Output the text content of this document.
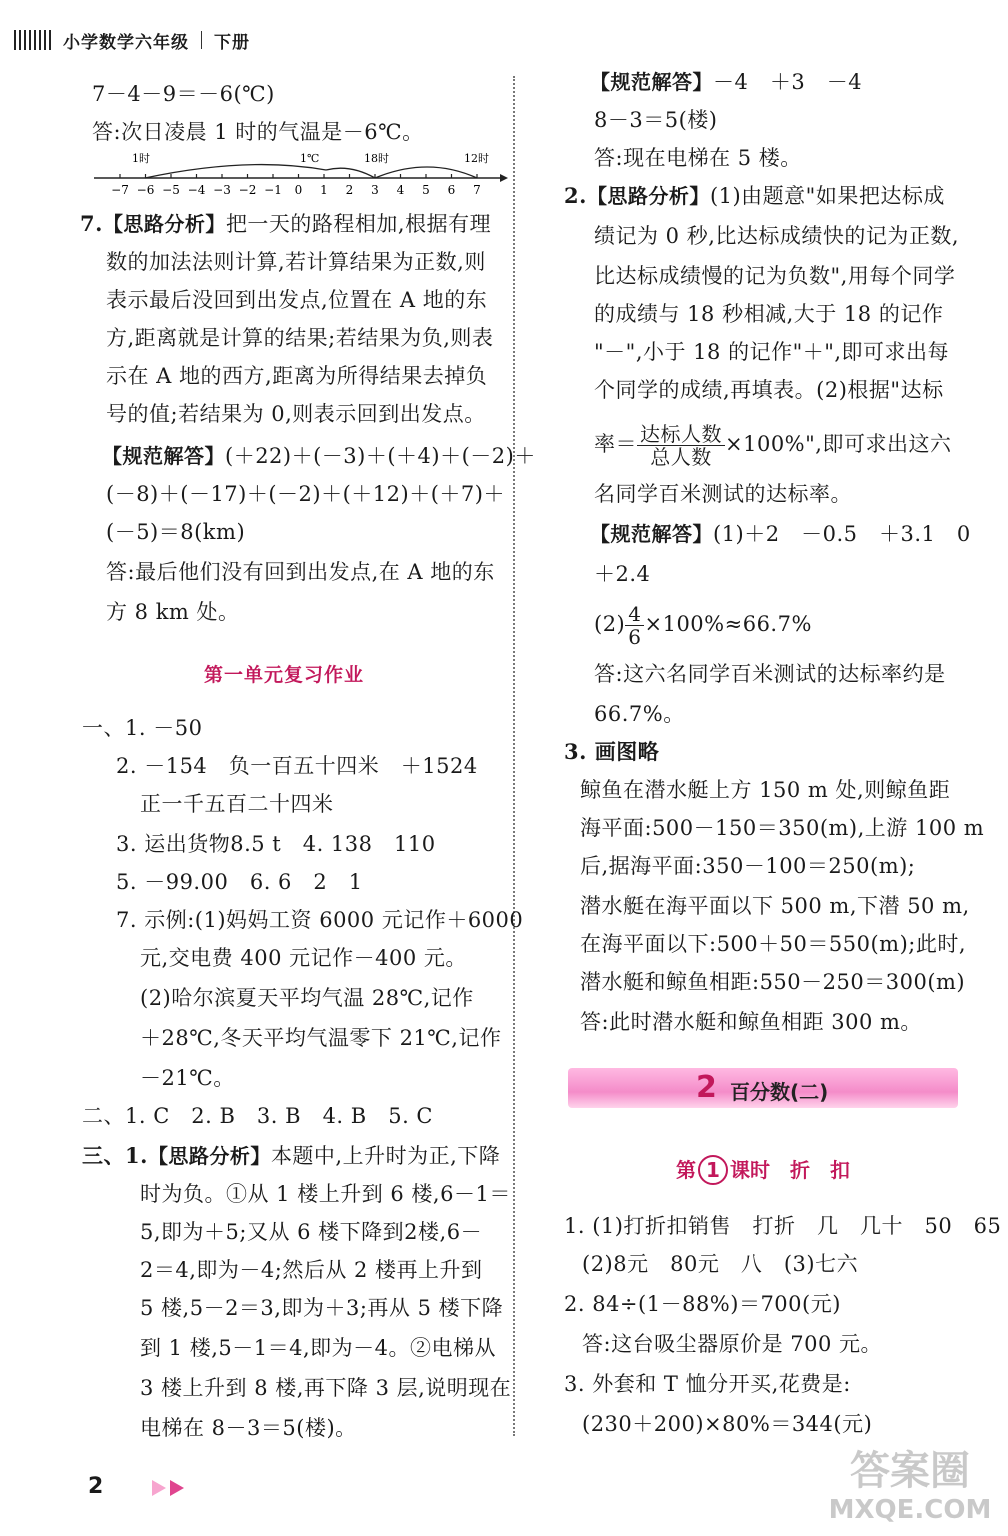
小学数学六年级 下册
7－4－9＝－6(℃)
答:次日凌晨 1 时的气温是－6℃。
−7 −6 −5 −4 −3 −2 −1 0 1 2 3 4 5 6 7
1时	1℃	18时	12时
7.【思路分析】把一天的路程相加,根据有理
数的加法法则计算,若计算结果为正数,则
表示最后没回到出发点,位置在 A 地的东
方,距离就是计算的结果;若结果为负,则表
示在 A 地的西方,距离为所得结果去掉负
号的值;若结果为 0,则表示回到出发点。
【规范解答】(＋22)＋(－3)＋(＋4)＋(－2)＋
(－8)＋(－17)＋(－2)＋(＋12)＋(＋7)＋
(－5)＝8(km)
答:最后他们没有回到出发点,在 A 地的东
方 8 km 处。
第一单元复习作业
一、1. －50
2. －154　负一百五十四米　＋1524
正一千五百二十四米
3. 运出货物8.5 t　4. 138　110
5. －99.00　6. 6　2　1
7. 示例:(1)妈妈工资 6000 元记作＋6000
元,交电费 400 元记作－400 元。
(2)哈尔滨夏天平均气温 28℃,记作
＋28℃,冬天平均气温零下 21℃,记作
－21℃。
二、1. C　2. B　3. B　4. B　5. C
三、1.【思路分析】本题中,上升时为正,下降
时为负。①从 1 楼上升到 6 楼,6－1＝
5,即为＋5;又从 6 楼下降到2楼,6－
2＝4,即为－4;然后从 2 楼再上升到
5 楼,5－2＝3,即为＋3;再从 5 楼下降
到 1 楼,5－1＝4,即为－4。②电梯从
3 楼上升到 8 楼,再下降 3 层,说明现在
电梯在 8－3＝5(楼)。
【规范解答】－4　＋3　－4
8－3＝5(楼)
答:现在电梯在 5 楼。
2.【思路分析】(1)由题意"如果把达标成
绩记为 0 秒,比达标成绩快的记为正数,
比达标成绩慢的记为负数",用每个同学
的成绩与 18 秒相减,大于 18 的记作
"－",小于 18 的记作"＋",即可求出每
个同学的成绩,再填表。(2)根据"达标
率＝ $\frac{\text{达标人数}}{\text{总人数}} \times 100\%$",即可求出这六
名同学百米测试的达标率。
【规范解答】(1)＋2　－0.5　＋3.1　0
＋2.4
$(2) \frac{4}{6} \times 100\%\approx 66.7\%$
答:这六名同学百米测试的达标率约是
66.7%。
3. 画图略
鲸鱼在潜水艇上方 150 m 处,则鲸鱼距
海平面:500－150＝350(m),上游 100 m
后,据海平面:350－100＝250(m);
潜水艇在海平面以下 500 m,下潜 50 m,
在海平面以下:500＋50＝550(m);此时,
潜水艇和鲸鱼相距:550－250＝300(m)
答:此时潜水艇和鲸鱼相距 300 m。
2 百分数(二)
第 1 课时　折　扣
1. (1)打折扣销售　打折　几　几十　50　65
(2)8元　80元　八　(3)七六
2. 84÷(1－88%)＝700(元)
答:这台吸尘器原价是 700 元。
3. 外套和 T 恤分开买,花费是:
(230＋200)×80%＝344(元)
2	答案圈
MXQE.COM
